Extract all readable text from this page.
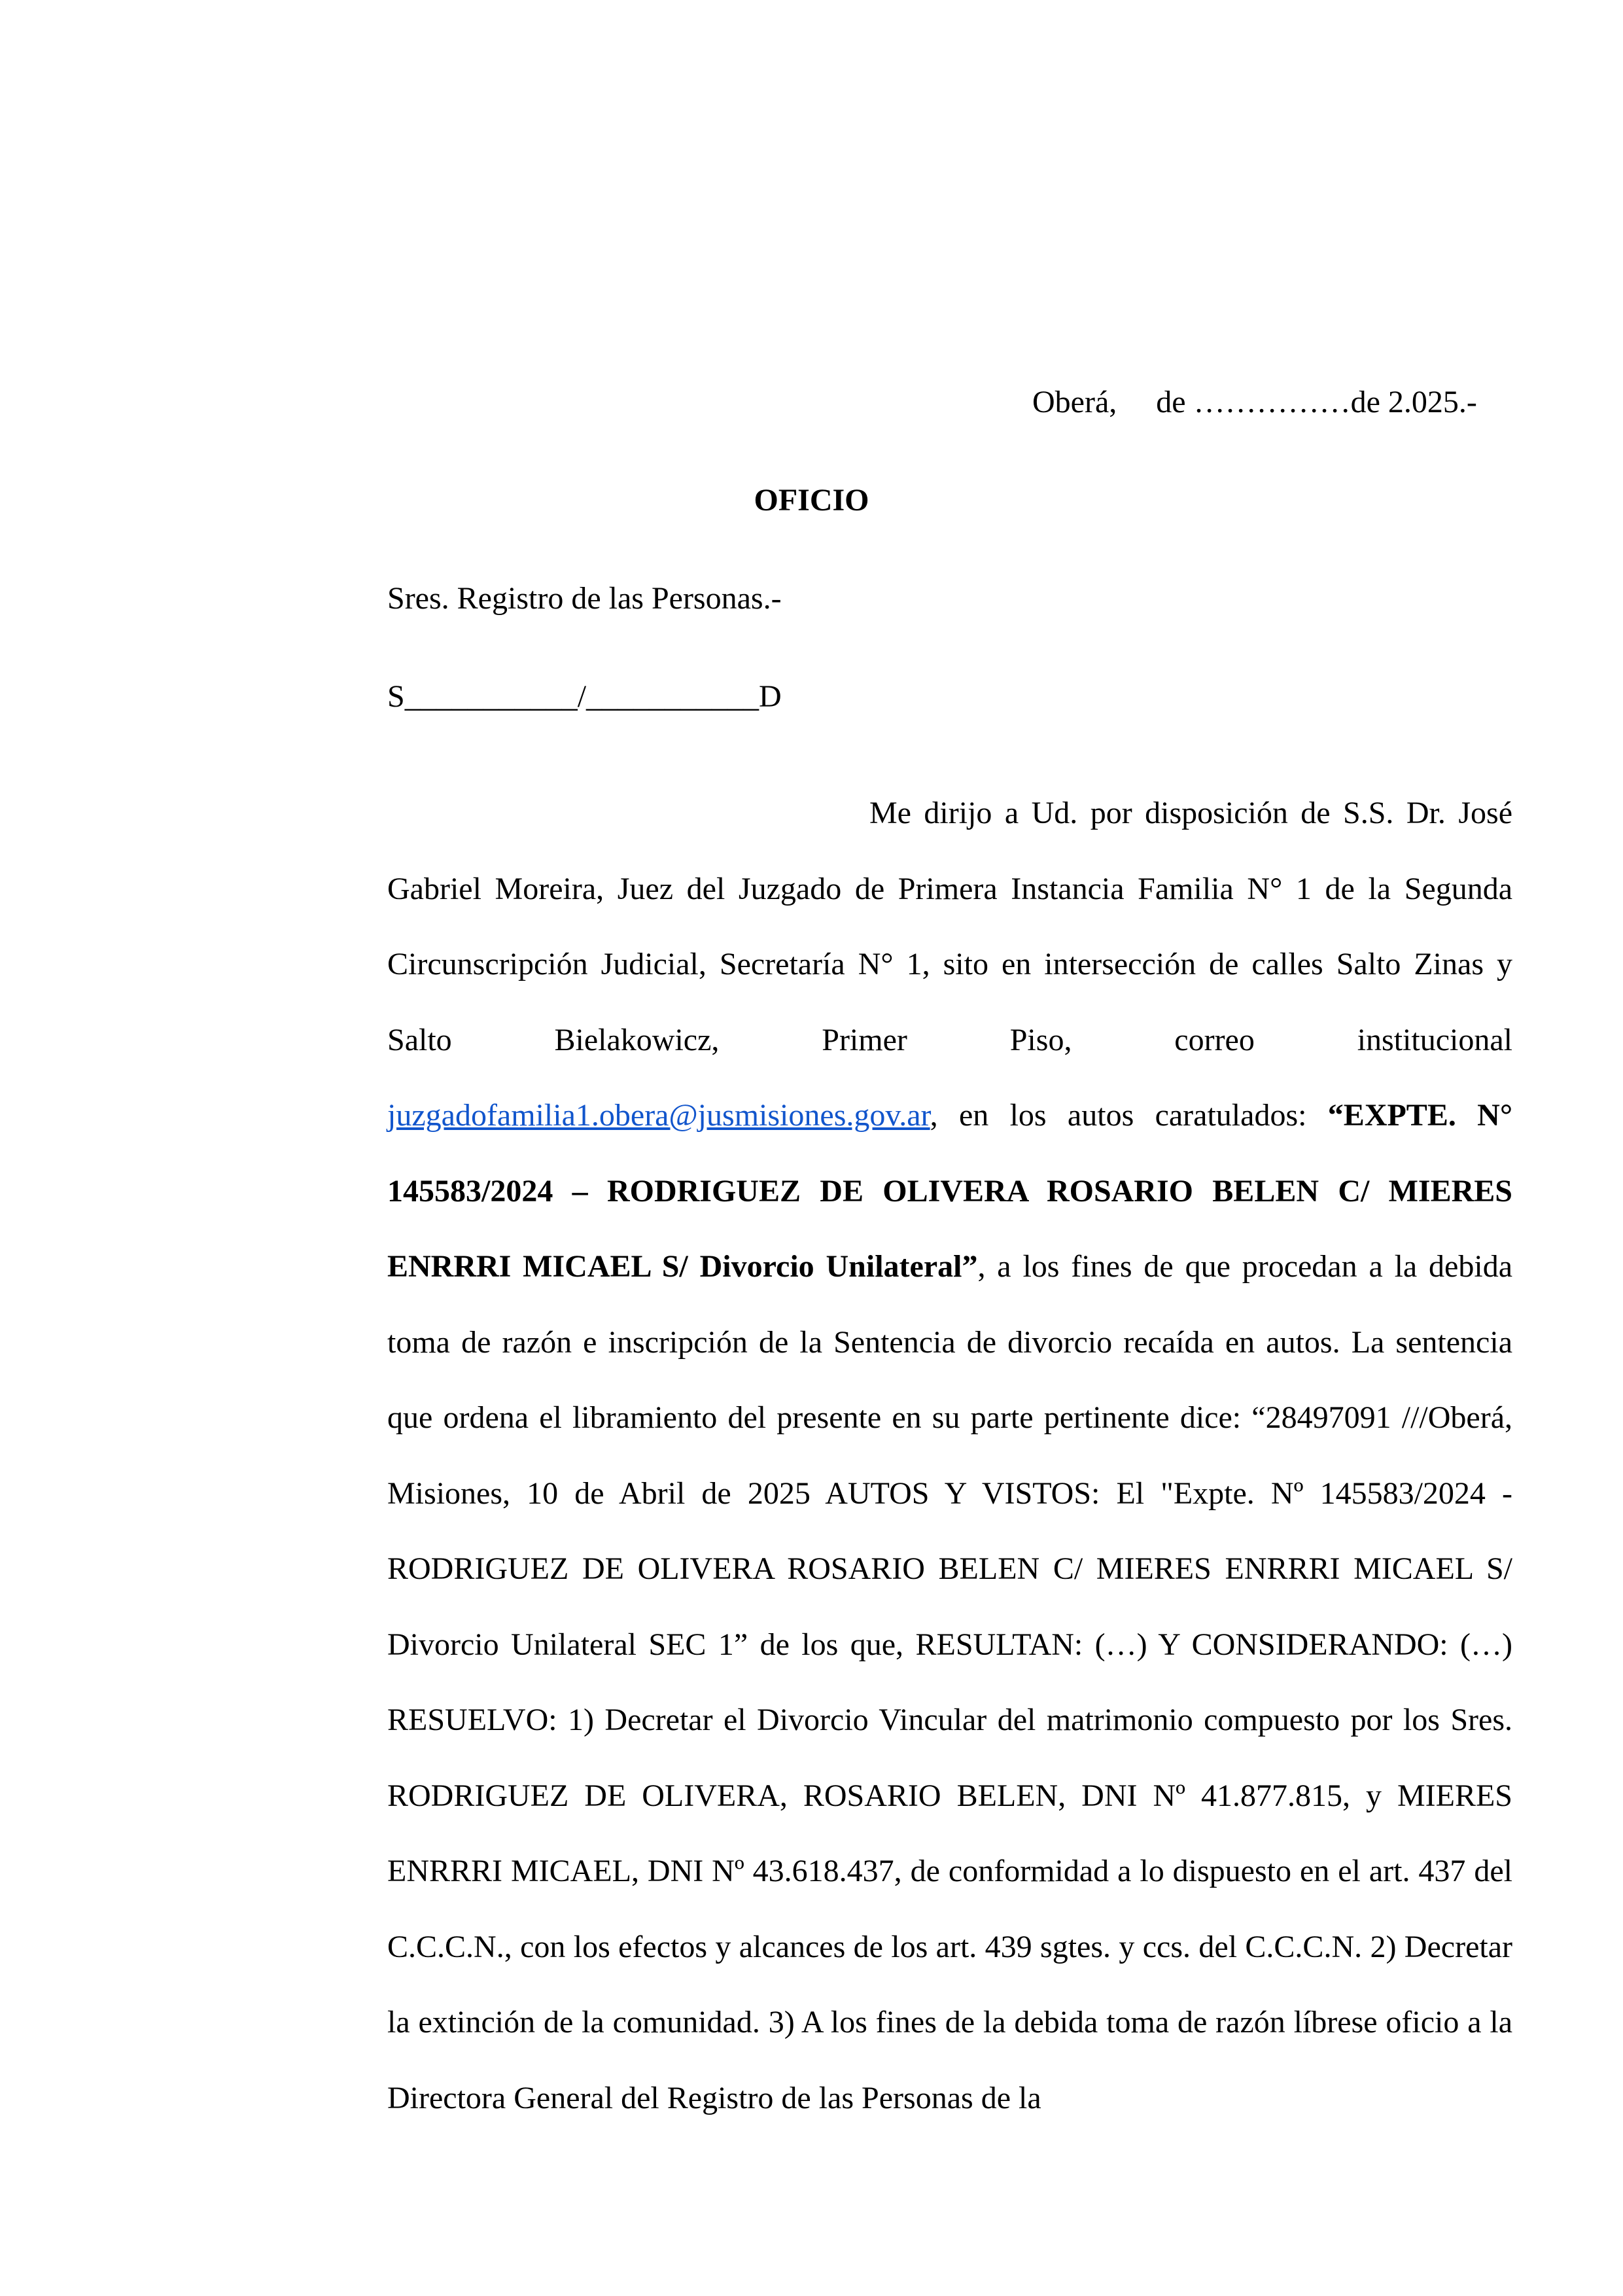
Oberá,     de ……………de 2.025.-
OFICIO
Sres. Registro de las Personas.-
S___________/___________D
Me dirijo a Ud. por disposición de S.S. Dr. José Gabriel Moreira, Juez del Juzgado de Primera Instancia Familia N° 1 de la Segunda Circunscripción Judicial, Secretaría N° 1, sito en intersección de calles Salto Zinas y Salto Bielakowicz, Primer Piso, correo institucional juzgadofamilia1.obera@jusmisiones.gov.ar, en los autos caratulados: “EXPTE. N° 145583/2024 – RODRIGUEZ DE OLIVERA ROSARIO BELEN C/ MIERES ENRRRI MICAEL S/ Divorcio Unilateral”, a los fines de que procedan a la debida toma de razón e inscripción de la Sentencia de divorcio recaída en autos. La sentencia que ordena el libramiento del presente en su parte pertinente dice: “28497091 ///Oberá, Misiones, 10 de Abril de 2025 AUTOS Y VISTOS: El "Expte. Nº 145583/2024 - RODRIGUEZ DE OLIVERA ROSARIO BELEN C/ MIERES ENRRRI MICAEL S/ Divorcio Unilateral SEC 1” de los que, RESULTAN: (…) Y CONSIDERANDO: (…) RESUELVO: 1) Decretar el Divorcio Vincular del matrimonio compuesto por los Sres. RODRIGUEZ DE OLIVERA, ROSARIO BELEN, DNI Nº 41.877.815, y MIERES ENRRRI MICAEL, DNI Nº 43.618.437, de conformidad a lo dispuesto en el art. 437 del C.C.C.N., con los efectos y alcances de los art. 439 sgtes. y ccs. del C.C.C.N. 2) Decretar la extinción de la comunidad. 3) A los fines de la debida toma de razón líbrese oficio a la Directora General del Registro de las Personas de la
